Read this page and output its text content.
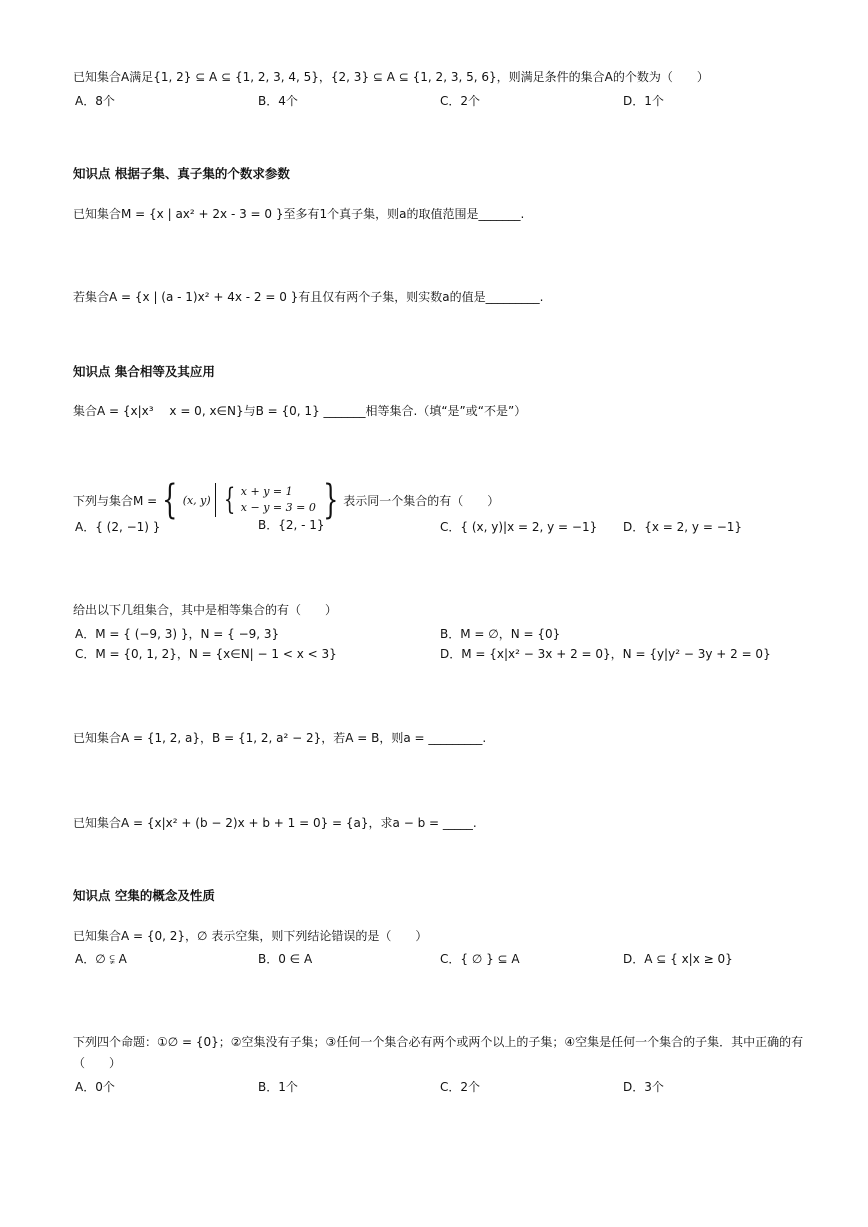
已知集合A满足{1, 2} ⊆ A ⊆ {1, 2, 3, 4, 5}，{2, 3} ⊆ A ⊆ {1, 2, 3, 5, 6}，则满足条件的集合A的个数为（　　）
A．8个	B．4个	C．2个	D．1个
知识点 根据子集、真子集的个数求参数
已知集合M = {x | ax² + 2x - 3 = 0 }至多有1个真子集，则a的取值范围是_______.
若集合A = {x | (a - 1)x² + 4x - 2 = 0 }有且仅有两个子集，则实数a的值是_________.
知识点 集合相等及其应用
集合A = {x|x³ 　x = 0, x∈N}与B = {0, 1} _______相等集合.（填“是”或“不是”）
下列与集合M = { (x, y) { x + y = 1
x − y = 3 = 0 } 表示同一个集合的有（　　）
A．{ (2, −1) }	B．{2, - 1}	C．{ (x, y)|x = 2, y = −1} D．{x = 2, y = −1}
给出以下几组集合，其中是相等集合的有（　　）
A．M = { (−9, 3) }，N = { −9, 3}	B．M = ∅，N = {0}
C．M = {0, 1, 2}，N = {x∈N| − 1 < x < 3}	D．M = {x|x² − 3x + 2 = 0}，N = {y|y² − 3y + 2 = 0}
已知集合A = {1, 2, a}，B = {1, 2, a² − 2}，若A = B，则a = _________.
已知集合A = {x|x² + (b − 2)x + b + 1 = 0} = {a}，求a − b = _____.
知识点 空集的概念及性质
已知集合A = {0, 2}，∅ 表示空集，则下列结论错误的是（　　）
A．∅ ⫋ A	B．0 ∈ A	C．{ ∅ } ⊆ A	D．A ⊆ { x|x ≥ 0}
下列四个命题：①∅ = {0}；②空集没有子集；③任何一个集合必有两个或两个以上的子集；④空集是任何一个集合的子集．其中正确的有
（　　）
A．0个	B．1个	C．2个	D．3个
